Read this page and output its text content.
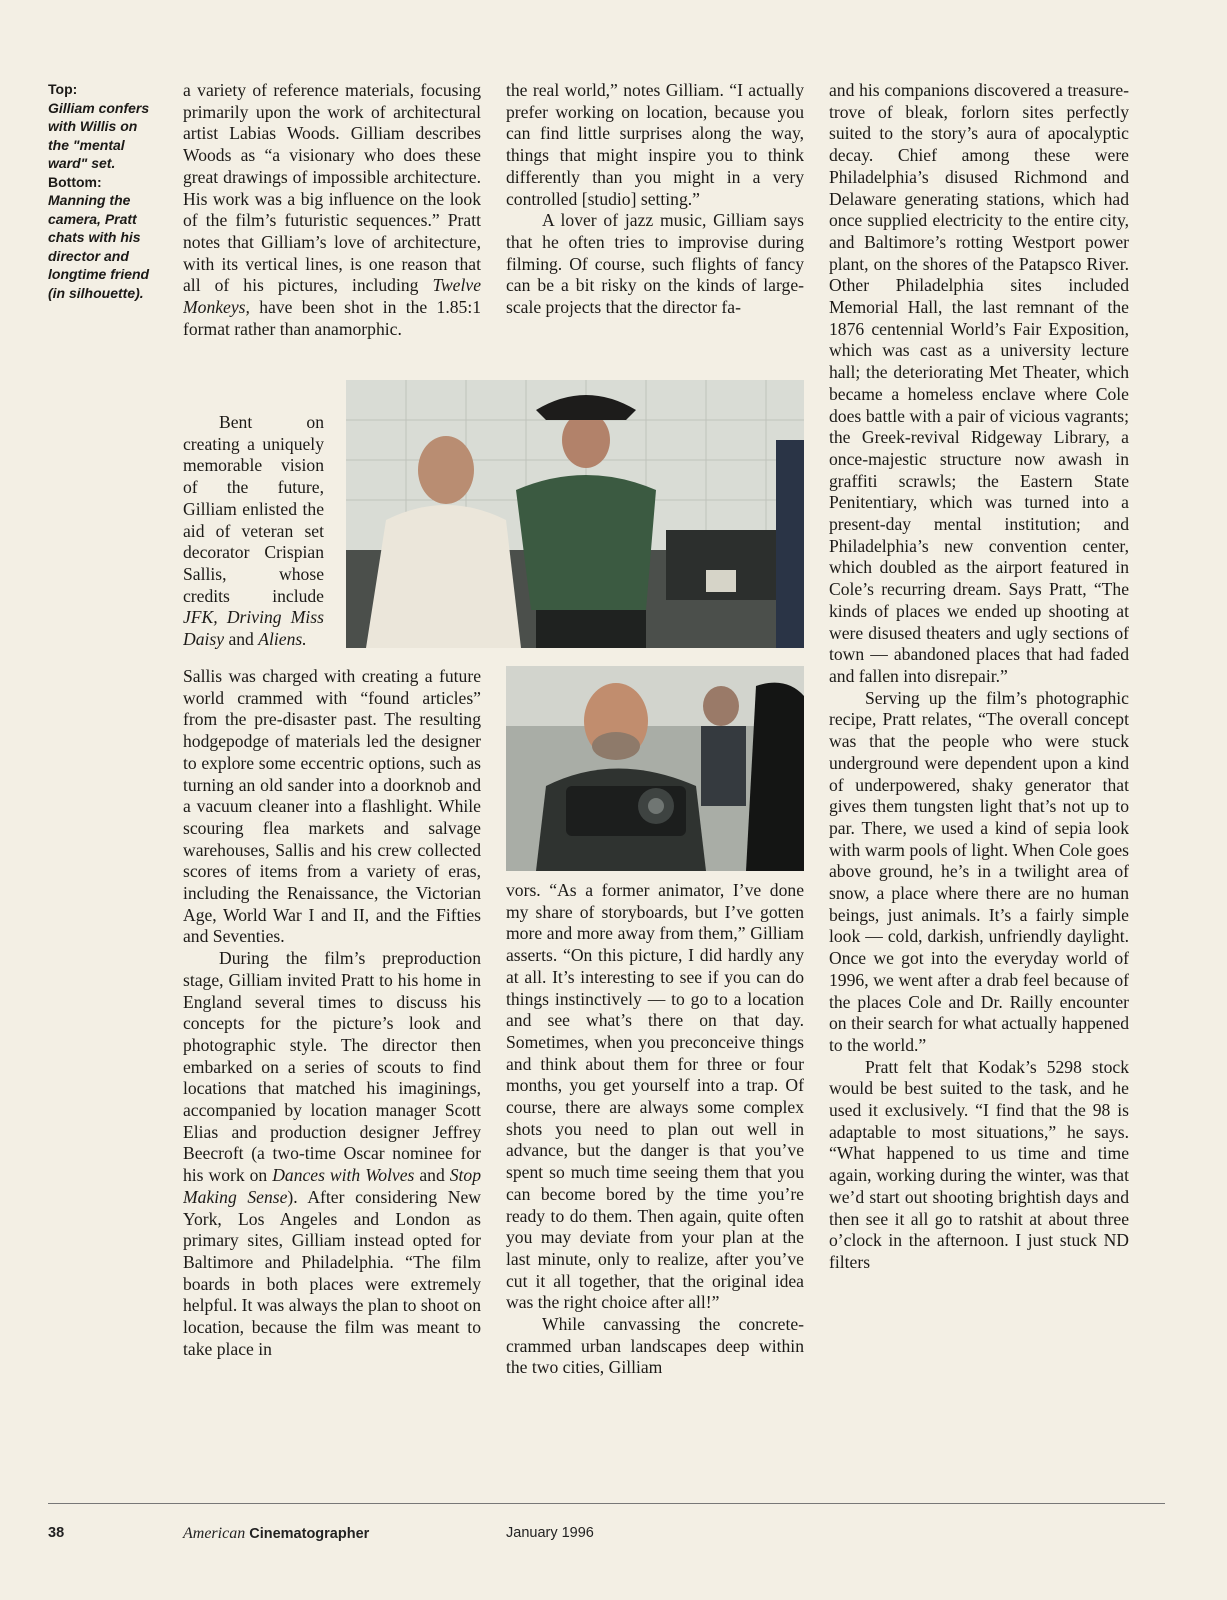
Top:
Gilliam confers with Willis on the "mental ward" set.
Bottom:
Manning the camera, Pratt chats with his director and longtime friend (in silhouette).

a variety of reference materials, focusing primarily upon the work of architectural artist Labias Woods. Gilliam describes Woods as “a visionary who does these great drawings of impossible architecture. His work was a big influence on the look of the film’s futuristic sequences.” Pratt notes that Gilliam’s love of architecture, with its vertical lines, is one reason that all of his pictures, including Twelve Monkeys, have been shot in the 1.85:1 format rather than anamorphic.

Bent on creating a uniquely memorable vision of the future, Gilliam enlisted the aid of veteran set decorator Crispian Sallis, whose credits include JFK, Driving Miss Daisy and Aliens.

Sallis was charged with creating a future world crammed with “found articles” from the pre-disaster past. The resulting hodgepodge of materials led the designer to explore some eccentric options, such as turning an old sander into a doorknob and a vacuum cleaner into a flashlight. While scouring flea markets and salvage warehouses, Sallis and his crew collected scores of items from a variety of eras, including the Renaissance, the Victorian Age, World War I and II, and the Fifties and Seventies.

During the film’s preproduction stage, Gilliam invited Pratt to his home in England several times to discuss his concepts for the picture’s look and photographic style. The director then embarked on a series of scouts to find locations that matched his imaginings, accompanied by location manager Scott Elias and production designer Jeffrey Beecroft (a two-time Oscar nominee for his work on Dances with Wolves and Stop Making Sense). After considering New York, Los Angeles and London as primary sites, Gilliam instead opted for Baltimore and Philadelphia. “The film boards in both places were extremely helpful. It was always the plan to shoot on location, because the film was meant to take place in

the real world,” notes Gilliam. “I actually prefer working on location, because you can find little surprises along the way, things that might inspire you to think differently than you might in a very controlled [studio] setting.”

A lover of jazz music, Gilliam says that he often tries to improvise during filming. Of course, such flights of fancy can be a bit risky on the kinds of large-scale projects that the director fa-

vors. “As a former animator, I’ve done my share of storyboards, but I’ve gotten more and more away from them,” Gilliam asserts. “On this picture, I did hardly any at all. It’s interesting to see if you can do things instinctively — to go to a location and see what’s there on that day. Sometimes, when you preconceive things and think about them for three or four months, you get yourself into a trap. Of course, there are always some complex shots you need to plan out well in advance, but the danger is that you’ve spent so much time seeing them that you can become bored by the time you’re ready to do them. Then again, quite often you may deviate from your plan at the last minute, only to realize, after you’ve cut it all together, that the original idea was the right choice after all!”

While canvassing the concrete-crammed urban landscapes deep within the two cities, Gilliam

and his companions discovered a treasure-trove of bleak, forlorn sites perfectly suited to the story’s aura of apocalyptic decay. Chief among these were Philadelphia’s disused Richmond and Delaware generating stations, which had once supplied electricity to the entire city, and Baltimore’s rotting Westport power plant, on the shores of the Patapsco River. Other Philadelphia sites included Memorial Hall, the last remnant of the 1876 centennial World’s Fair Exposition, which was cast as a university lecture hall; the deteriorating Met Theater, which became a homeless enclave where Cole does battle with a pair of vicious vagrants; the Greek-revival Ridgeway Library, a once-majestic structure now awash in graffiti scrawls; the Eastern State Penitentiary, which was turned into a present-day mental institution; and Philadelphia’s new convention center, which doubled as the airport featured in Cole’s recurring dream. Says Pratt, “The kinds of places we ended up shooting at were disused theaters and ugly sections of town — abandoned places that had faded and fallen into disrepair.”

Serving up the film’s photographic recipe, Pratt relates, “The overall concept was that the people who were stuck underground were dependent upon a kind of underpowered, shaky generator that gives them tungsten light that’s not up to par. There, we used a kind of sepia look with warm pools of light. When Cole goes above ground, he’s in a twilight area of snow, a place where there are no human beings, just animals. It’s a fairly simple look — cold, darkish, unfriendly daylight. Once we got into the everyday world of 1996, we went after a drab feel because of the places Cole and Dr. Railly encounter on their search for what actually happened to the world.”

Pratt felt that Kodak’s 5298 stock would be best suited to the task, and he used it exclusively. “I find that the 98 is adaptable to most situations,” he says. “What happened to us time and time again, working during the winter, was that we’d start out shooting brightish days and then see it all go to ratshit at about three o’clock in the afternoon. I just stuck ND filters

38	American Cinematographer	January 1996
